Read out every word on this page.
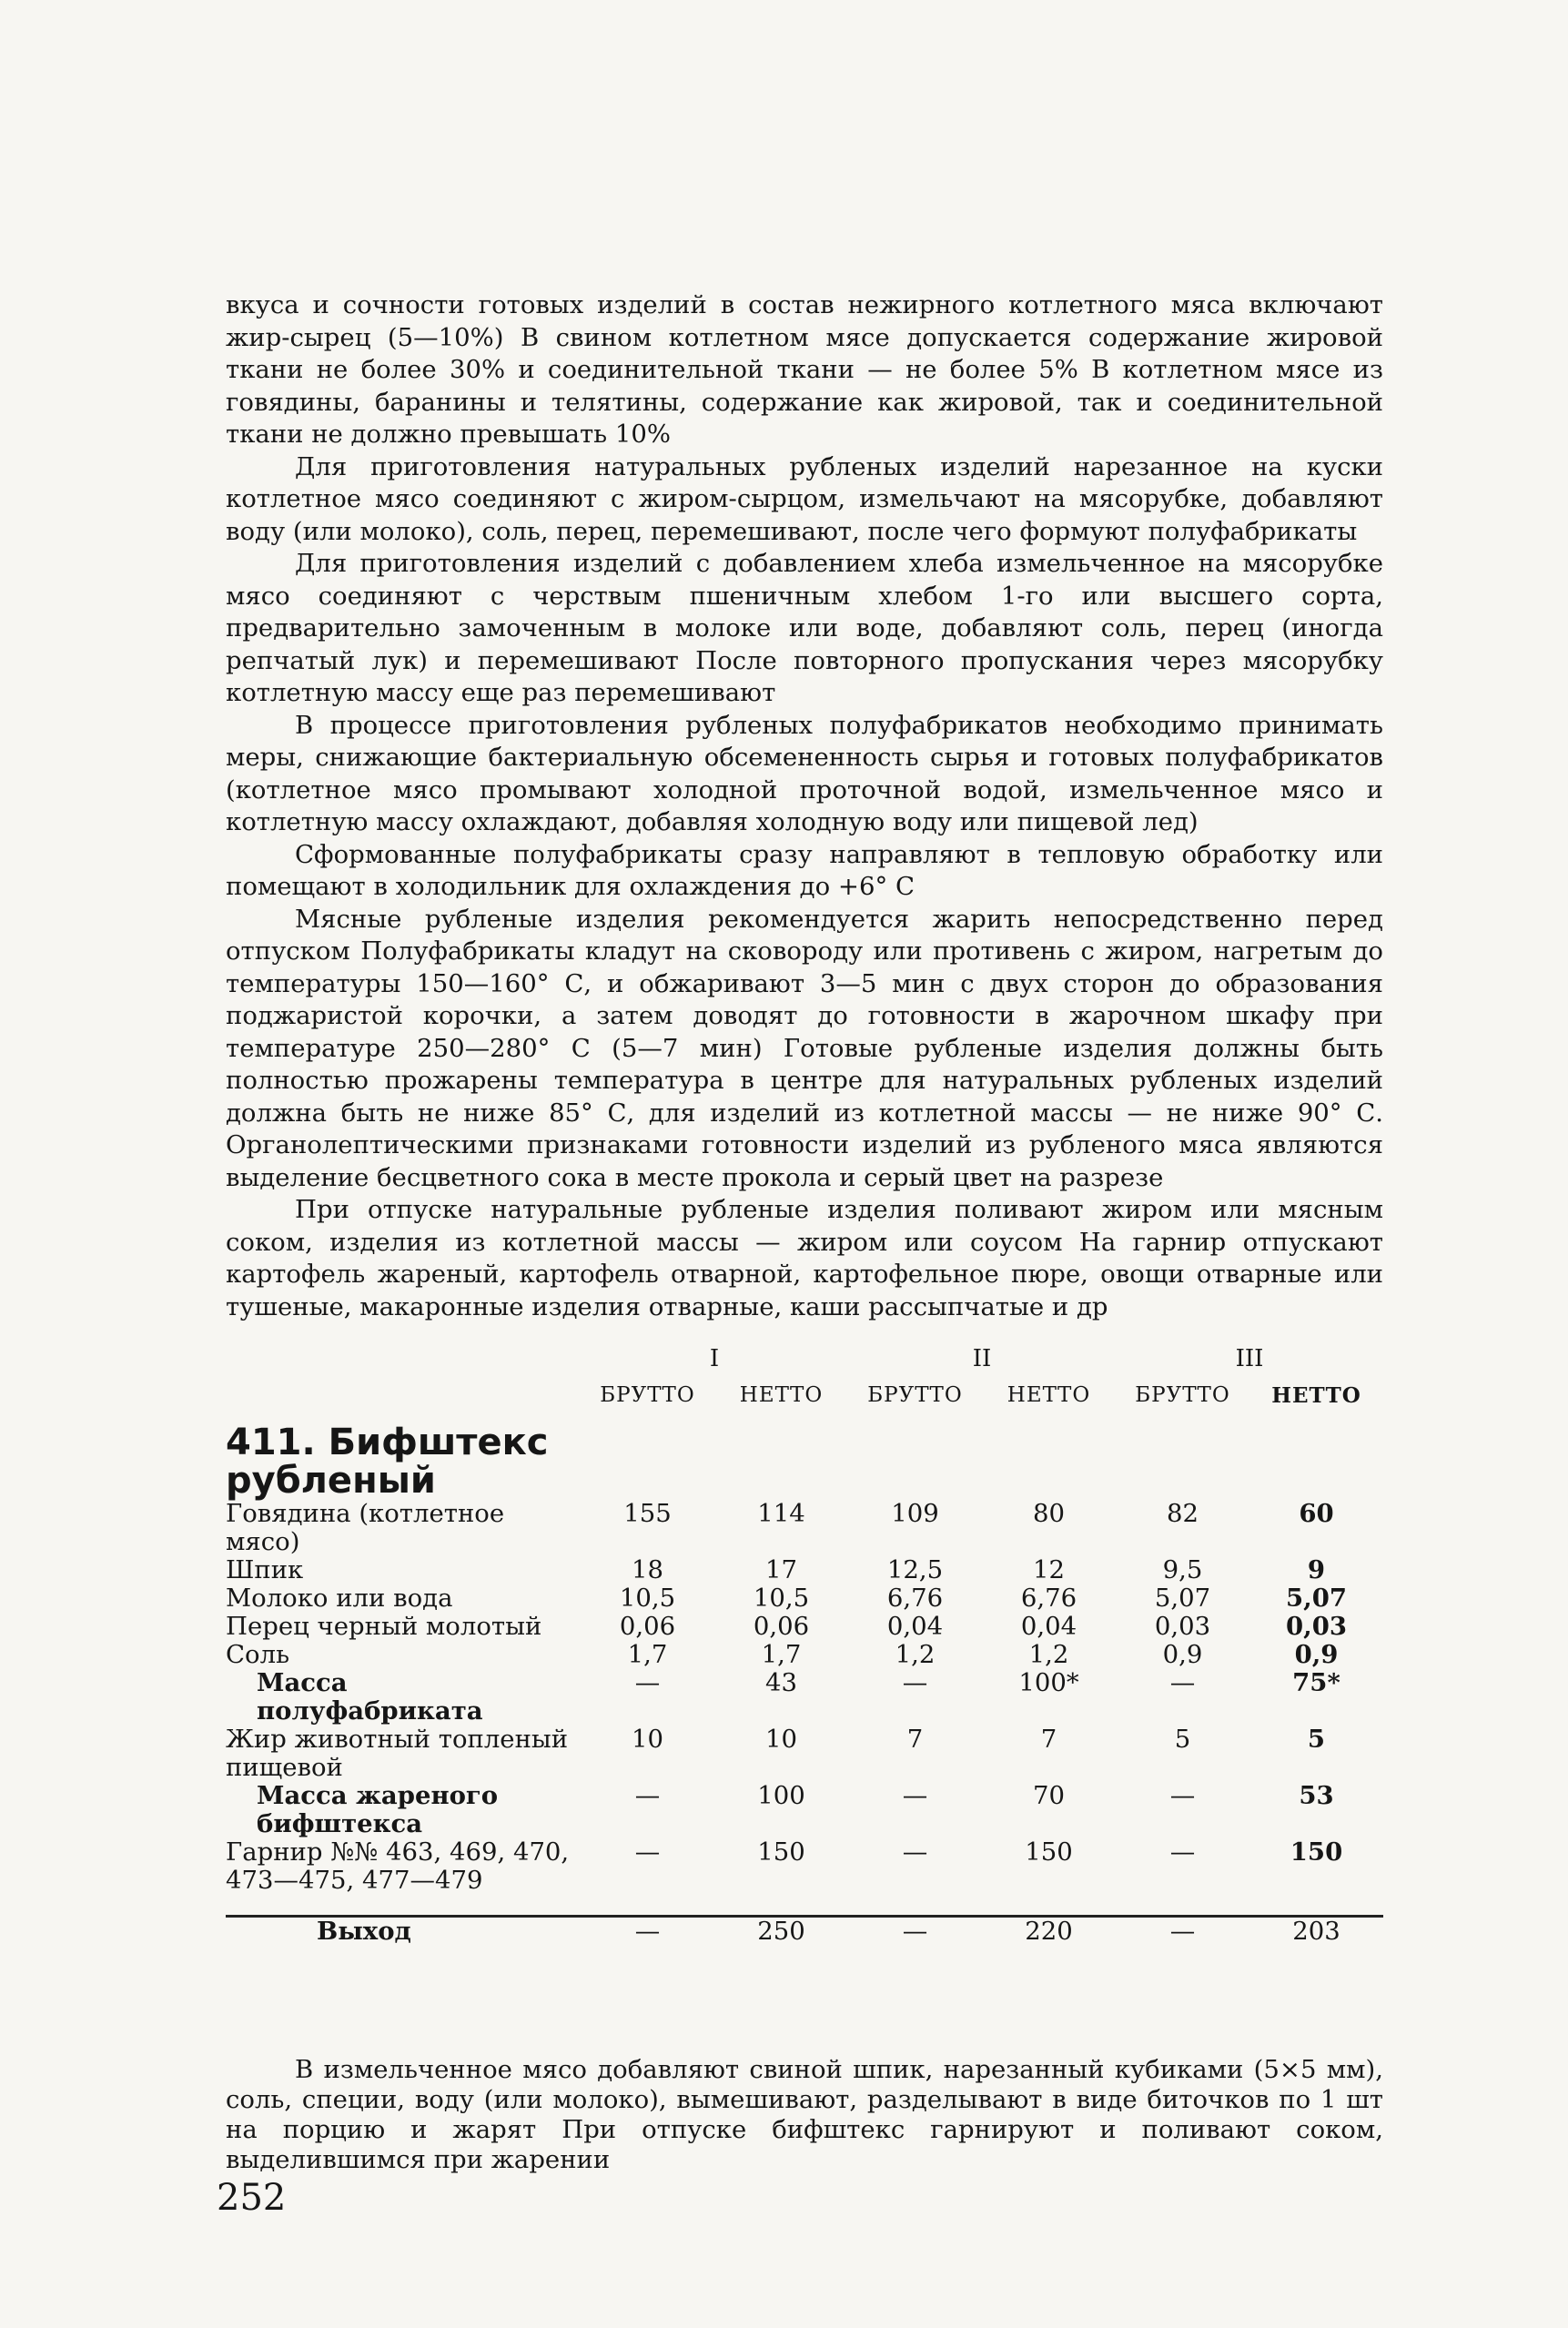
вкуса и сочности готовых изделий в состав нежирного котлетного мяса включают жир-сырец (5—10%) В свином котлетном мясе допускается содержание жировой ткани не более 30% и соединительной ткани — не более 5% В котлетном мясе из говядины, баранины и телятины, содержание как жировой, так и соединительной ткани не должно превышать 10%

Для приготовления натуральных рубленых изделий нарезанное на куски котлетное мясо соединяют с жиром-сырцом, измельчают на мясорубке, добавляют воду (или молоко), соль, перец, перемешивают, после чего формуют полуфабрикаты

Для приготовления изделий с добавлением хлеба измельченное на мясорубке мясо соединяют с черствым пшеничным хлебом 1-го или высшего сорта, предварительно замоченным в молоке или воде, добавляют соль, перец (иногда репчатый лук) и перемешивают После повторного пропускания через мясорубку котлетную массу еще раз перемешивают

В процессе приготовления рубленых полуфабрикатов необходимо принимать меры, снижающие бактериальную обсемененность сырья и готовых полуфабрикатов (котлетное мясо промывают холодной проточной водой, измельченное мясо и котлетную массу охлаждают, добавляя холодную воду или пищевой лед)

Сформованные полуфабрикаты сразу направляют в тепловую обработку или помещают в холодильник для охлаждения до +6° С

Мясные рубленые изделия рекомендуется жарить непосредственно перед отпуском Полуфабрикаты кладут на сковороду или противень с жиром, нагретым до температуры 150—160° С, и обжаривают 3—5 мин с двух сторон до образования поджаристой корочки, а затем доводят до готовности в жарочном шкафу при температуре 250—280° С (5—7 мин) Готовые рубленые изделия должны быть полностью прожарены температура в центре для натуральных рубленых изделий должна быть не ниже 85° С, для изделий из котлетной массы — не ниже 90° С. Органолептическими признаками готовности изделий из рубленого мяса являются выделение бесцветного сока в месте прокола и серый цвет на разрезе

При отпуске натуральные рубленые изделия поливают жиром или мясным соком, изделия из котлетной массы — жиром или соусом На гарнир отпускают картофель жареный, картофель отварной, картофельное пюре, овощи отварные или тушеные, макаронные изделия отварные, каши рассыпчатые и др

	I		II		III	
	БРУТТО	НЕТТО	БРУТТО	НЕТТО	БРУТТО	НЕТТО
411. Бифштекс рубленый						
Говядина (котлетное мясо)	155	114	109	80	82	60
Шпик	18	17	12,5	12	9,5	9
Молоко или вода	10,5	10,5	6,76	6,76	5,07	5,07
Перец черный молотый	0,06	0,06	0,04	0,04	0,03	0,03
Соль	1,7	1,7	1,2	1,2	0,9	0,9
Масса полуфабриката	—	43	—	100*	—	75*
Жир животный топленый пищевой	10	10	7	7	5	5
Масса жареного бифштекса	—	100	—	70	—	53
Гарнир №№ 463, 469, 470, 473—475, 477—479	—	150	—	150	—	150
Выход	—	250	—	220	—	203

В измельченное мясо добавляют свиной шпик, нарезанный кубиками (5×5 мм), соль, специи, воду (или молоко), вымешивают, разделывают в виде биточков по 1 шт на порцию и жарят При отпуске бифштекс гарнируют и поливают соком, выделившимся при жарении

252
